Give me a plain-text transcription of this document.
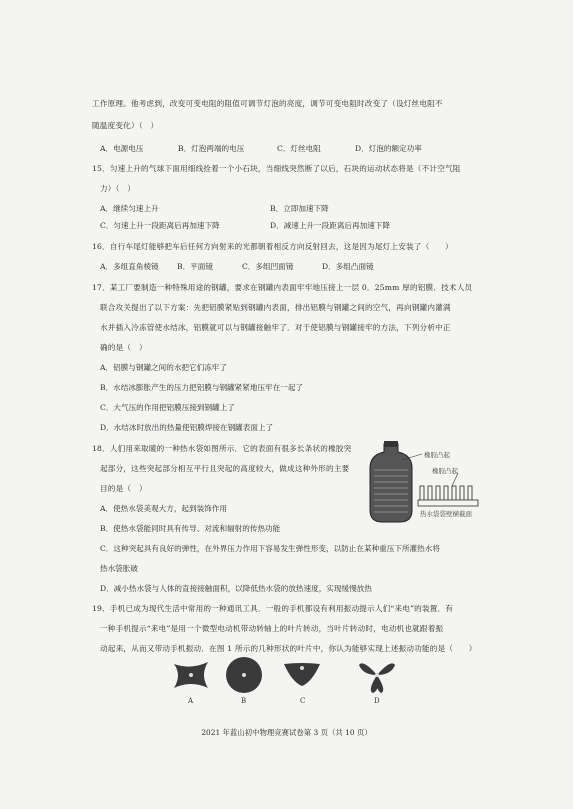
工作原理。他考虑到，改变可变电阻的阻值可调节灯泡的亮度，调节可变电阻时改变了（设灯丝电阻不
随温度变化）（　）
A．电源电压	B．灯泡两端的电压	C．灯丝电阻	D．灯泡的额定功率
15．匀速上升的气球下面用细线拴着一个小石块，当细线突然断了以后，石块的运动状态将是（不计空气阻
力）（　）
A．继续匀速上升	B．立即加速下降
C．匀速上升一段距离后再加速下降	D．减速上升一段距离后再加速下降
16．自行车尾灯能够把车后任何方向射来的光都朝着相反方向反射回去，这是因为尾灯上安装了（　　）
A．多组直角棱镜 B．平面镜	C．多组凹面镜	D．多组凸面镜
17．某工厂要制造一种特殊用途的钢罐，要求在钢罐内表面牢牢地压接上一层 0．25mm 厚的铝膜．技术人员
联合攻关提出了以下方案：先把铝膜紧贴到钢罐内表面，排出铝膜与钢罐之间的空气，再向钢罐内灌满
水并插入冷冻管使水结冰，铝膜就可以与钢罐接触牢了．对于使铝膜与钢罐接牢的方法，下列分析中正
确的是（　）
A．铝膜与钢罐之间的水把它们冻牢了
B．水结冰膨胀产生的压力把铝膜与钢罐紧紧地压牢在一起了
C．大气压的作用把铝膜压接到钢罐上了
D．水结冰时放出的热量使铝膜焊接在钢罐表面上了
18．人们用来取暖的一种热水袋如图所示．它的表面有很多长条状的橡胶突
起部分，这些突起部分相互平行且突起的高度较大，做成这种外形的主要
目的是（　）
A．使热水袋美观大方，起到装饰作用
B．使热水袋能同时具有传导、对流和辐射的传热功能
C．这种突起具有良好的弹性，在外界压力作用下容易发生弹性形变，以防止在某种重压下所灌热水将
热水袋胀破
D．减小热水袋与人体的直接接触面积，以降低热水袋的放热速度，实现缓慢放热
橡胶凸起
橡胶凸起
热水袋袋壁横截面
19．手机已成为现代生活中常用的一种通讯工具．一般的手机都设有利用振动提示人们“来电”的装置．有
一种手机提示“来电”是用一个微型电动机带动转轴上的叶片转动，当叶片转动时，电动机也就跟着振
动起来，从而又带动手机振动．在图 1 所示的几种形状的叶片中，你认为能够实现上述振动功能的是（　　）
A	B	C	D
2021 年蓝山初中物理竞赛试卷第 3 页（共 10 页）
